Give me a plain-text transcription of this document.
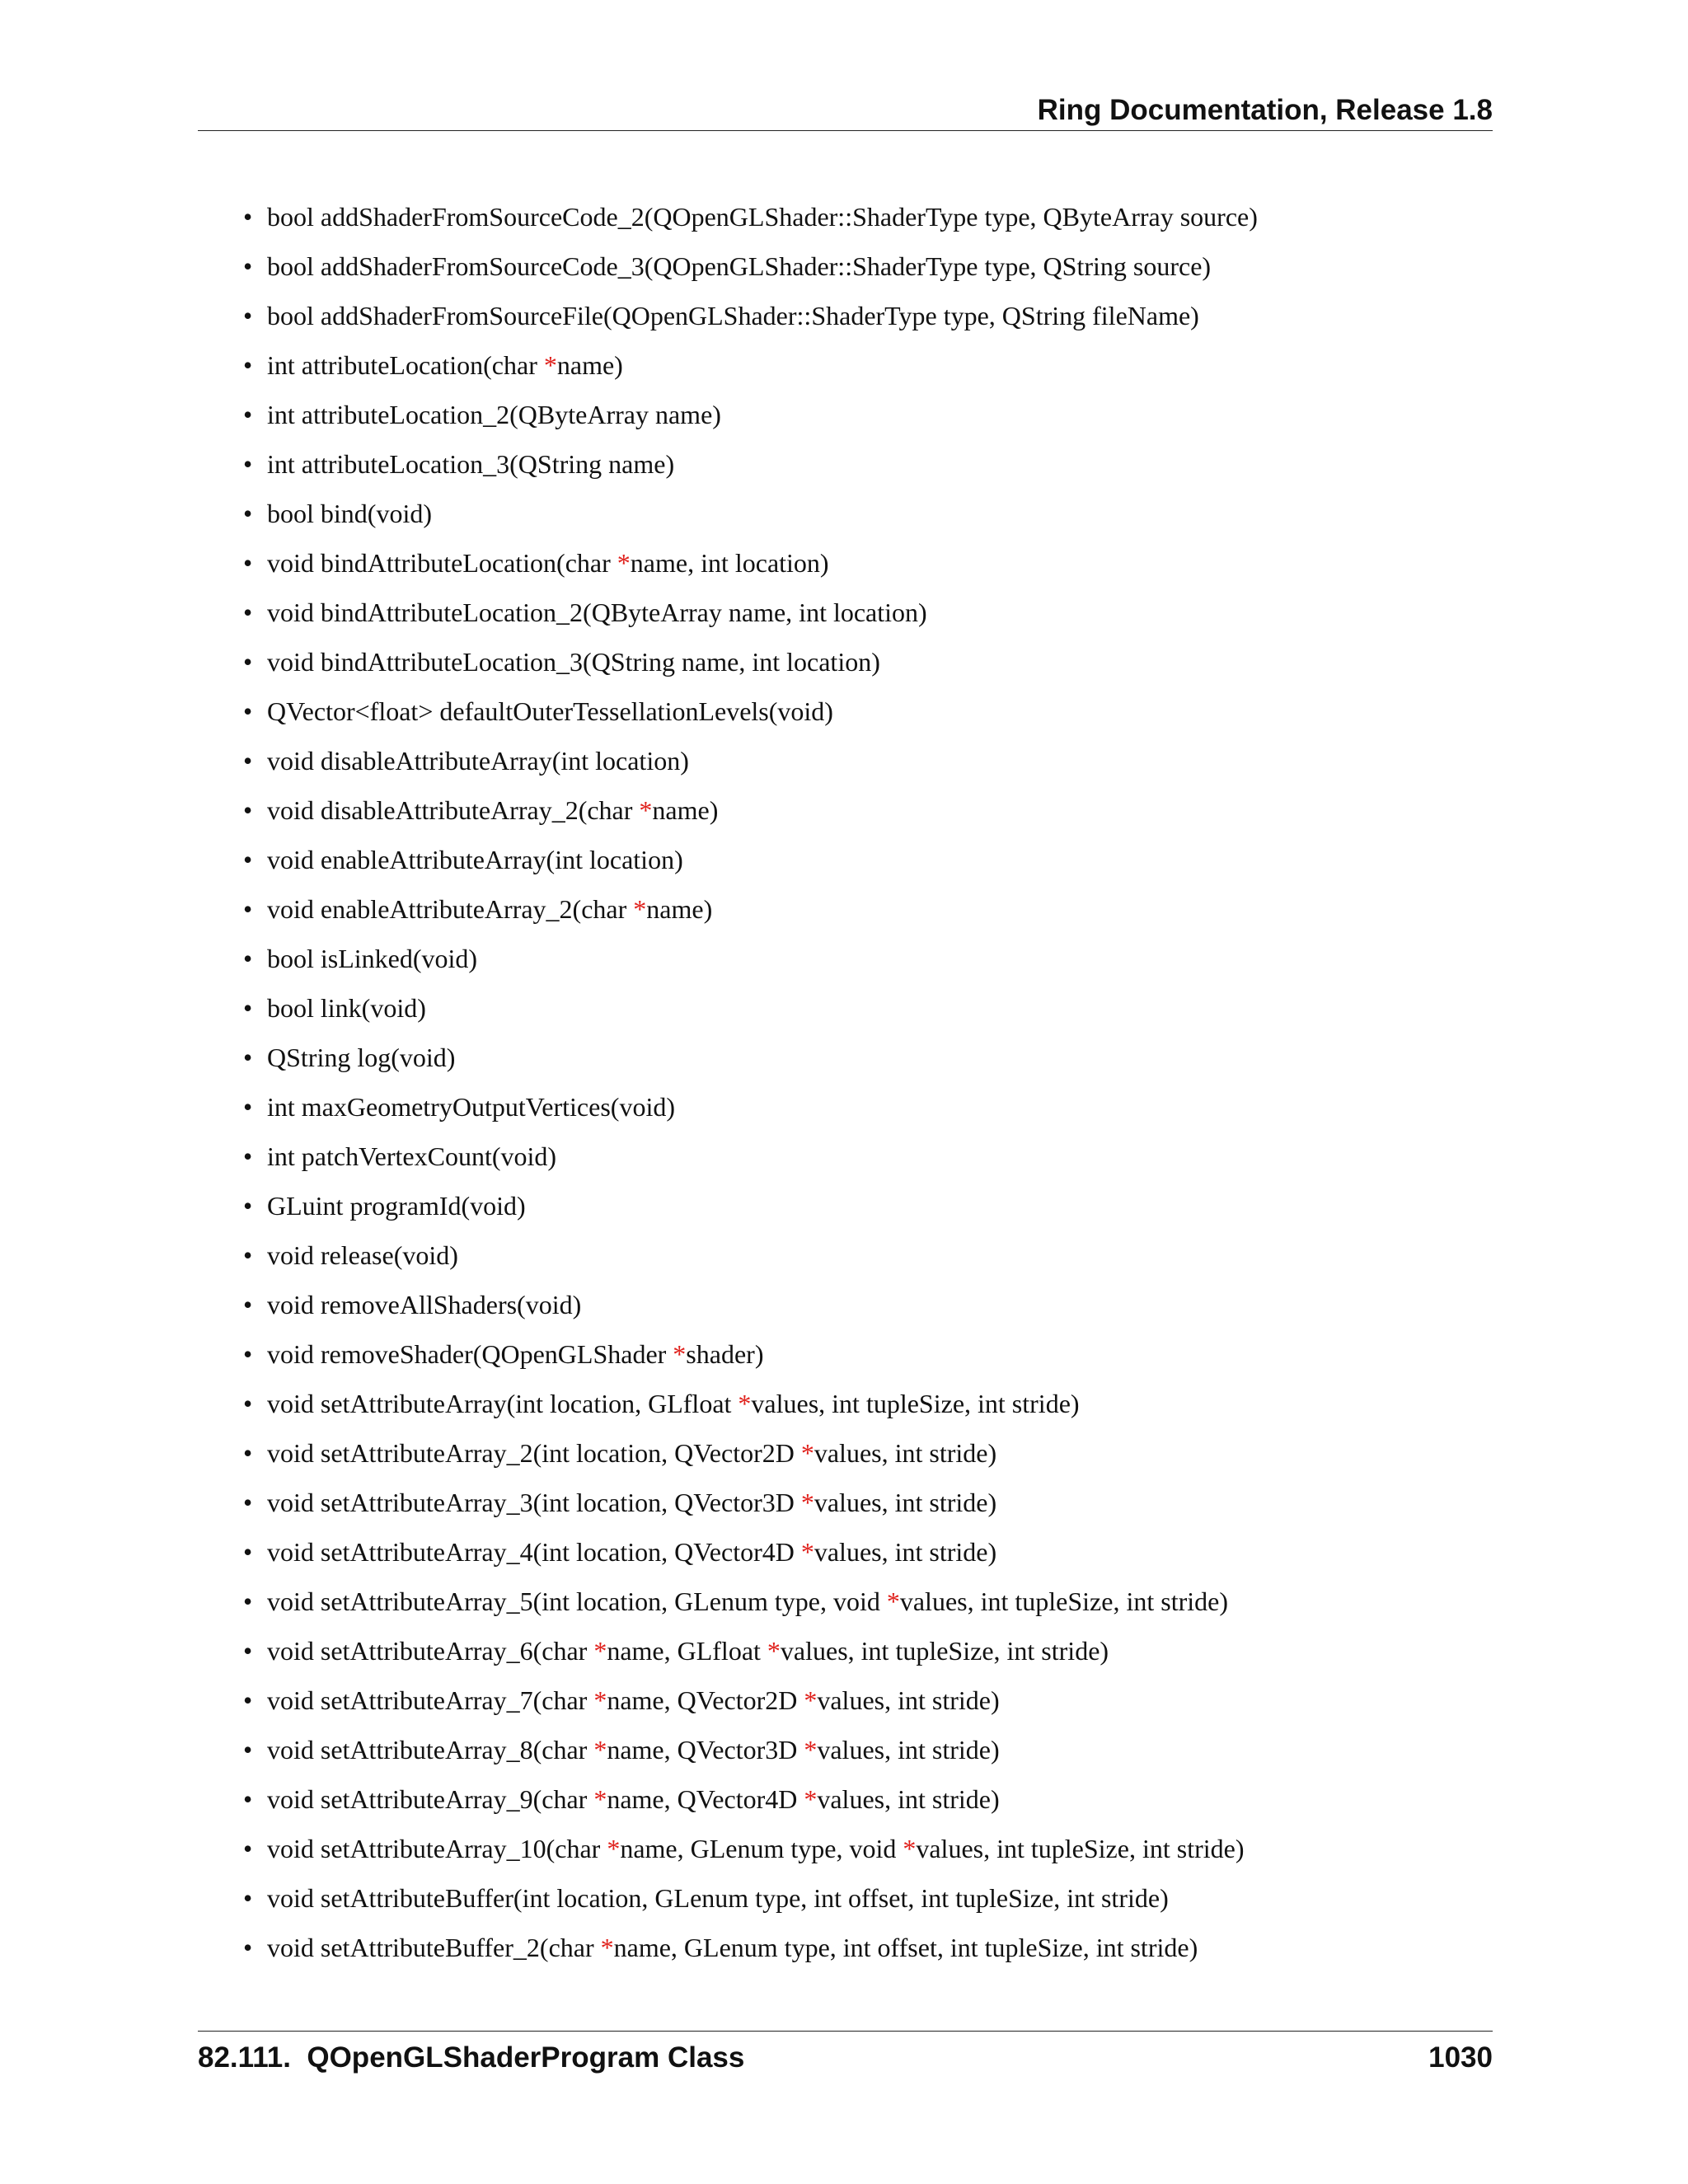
Ring Documentation, Release 1.8
• bool addShaderFromSourceCode_2(QOpenGLShader::ShaderType type, QByteArray source)
• bool addShaderFromSourceCode_3(QOpenGLShader::ShaderType type, QString source)
• bool addShaderFromSourceFile(QOpenGLShader::ShaderType type, QString fileName)
• int attributeLocation(char *name)
• int attributeLocation_2(QByteArray name)
• int attributeLocation_3(QString name)
• bool bind(void)
• void bindAttributeLocation(char *name, int location)
• void bindAttributeLocation_2(QByteArray name, int location)
• void bindAttributeLocation_3(QString name, int location)
• QVector<float> defaultOuterTessellationLevels(void)
• void disableAttributeArray(int location)
• void disableAttributeArray_2(char *name)
• void enableAttributeArray(int location)
• void enableAttributeArray_2(char *name)
• bool isLinked(void)
• bool link(void)
• QString log(void)
• int maxGeometryOutputVertices(void)
• int patchVertexCount(void)
• GLuint programId(void)
• void release(void)
• void removeAllShaders(void)
• void removeShader(QOpenGLShader *shader)
• void setAttributeArray(int location, GLfloat *values, int tupleSize, int stride)
• void setAttributeArray_2(int location, QVector2D *values, int stride)
• void setAttributeArray_3(int location, QVector3D *values, int stride)
• void setAttributeArray_4(int location, QVector4D *values, int stride)
• void setAttributeArray_5(int location, GLenum type, void *values, int tupleSize, int stride)
• void setAttributeArray_6(char *name, GLfloat *values, int tupleSize, int stride)
• void setAttributeArray_7(char *name, QVector2D *values, int stride)
• void setAttributeArray_8(char *name, QVector3D *values, int stride)
• void setAttributeArray_9(char *name, QVector4D *values, int stride)
• void setAttributeArray_10(char *name, GLenum type, void *values, int tupleSize, int stride)
• void setAttributeBuffer(int location, GLenum type, int offset, int tupleSize, int stride)
• void setAttributeBuffer_2(char *name, GLenum type, int offset, int tupleSize, int stride)
82.111.  QOpenGLShaderProgram Class	1030
